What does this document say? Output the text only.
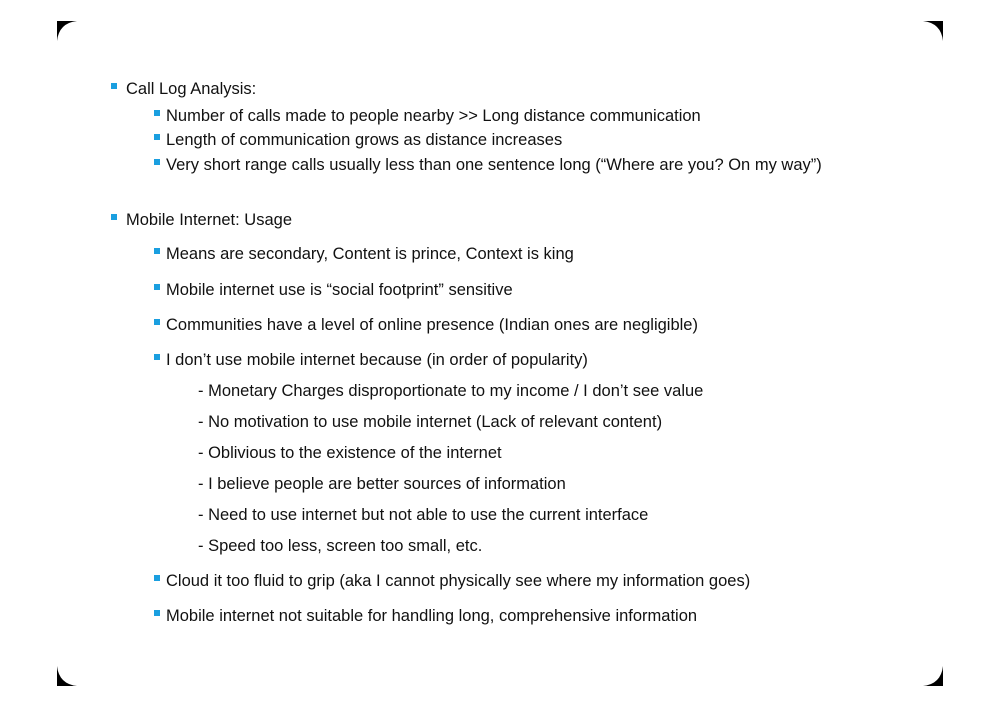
Call Log Analysis:
Number of calls made to people nearby >> Long distance communication
Length of communication grows as distance increases
Very short range calls usually less than one sentence long (“Where are you? On my way”)
Mobile Internet: Usage
Means are secondary, Content is prince, Context is king
Mobile internet use is “social footprint” sensitive
Communities have a level of online presence (Indian ones are negligible)
I don’t use mobile internet because (in order of popularity)
- Monetary Charges disproportionate to my income / I don’t see value
- No motivation to use mobile internet (Lack of relevant content)
- Oblivious to the existence of the internet
- I believe people are better sources of information
- Need to use internet but not able to use the current interface
- Speed too less, screen too small, etc.
Cloud it too fluid to grip (aka I cannot physically see where my information goes)
Mobile internet not suitable for handling long, comprehensive information
